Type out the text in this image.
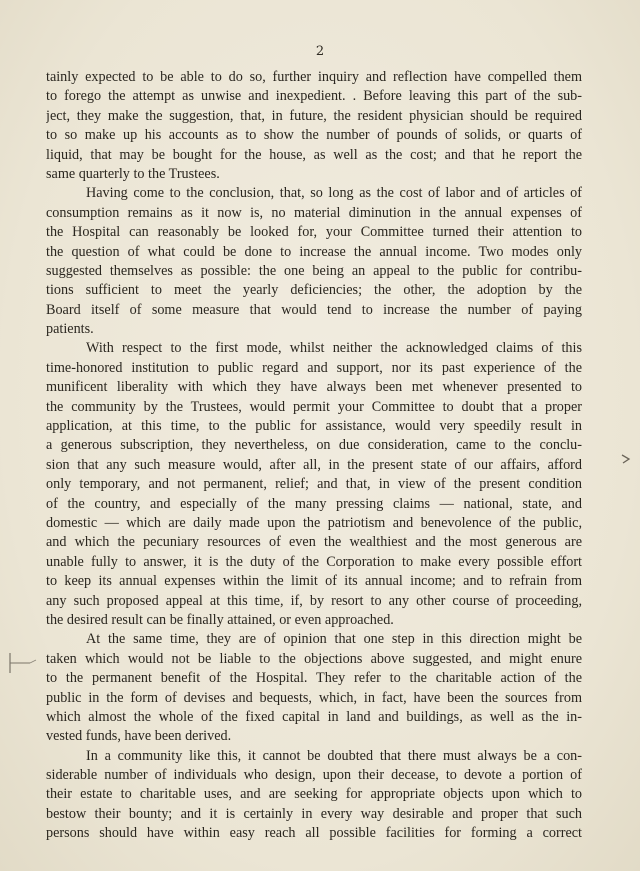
2
tainly expected to be able to do so, further inquiry and reflection have compelled them
to forego the attempt as unwise and inexpedient. . Before leaving this part of the sub-
ject, they make the suggestion, that, in future, the resident physician should be required
to so make up his accounts as to show the number of pounds of solids, or quarts of
liquid, that may be bought for the house, as well as the cost; and that he report the
same quarterly to the Trustees.
Having come to the conclusion, that, so long as the cost of labor and of articles of
consumption remains as it now is, no material diminution in the annual expenses of
the Hospital can reasonably be looked for, your Committee turned their attention to
the question of what could be done to increase the annual income. Two modes only
suggested themselves as possible: the one being an appeal to the public for contribu-
tions sufficient to meet the yearly deficiencies; the other, the adoption by the
Board itself of some measure that would tend to increase the number of paying
patients.
With respect to the first mode, whilst neither the acknowledged claims of this
time-honored institution to public regard and support, nor its past experience of the
munificent liberality with which they have always been met whenever presented to
the community by the Trustees, would permit your Committee to doubt that a proper
application, at this time, to the public for assistance, would very speedily result in
a generous subscription, they nevertheless, on due consideration, came to the conclu-
sion that any such measure would, after all, in the present state of our affairs, afford
only temporary, and not permanent, relief; and that, in view of the present condition
of the country, and especially of the many pressing claims — national, state, and
domestic — which are daily made upon the patriotism and benevolence of the public,
and which the pecuniary resources of even the wealthiest and the most generous are
unable fully to answer, it is the duty of the Corporation to make every possible effort
to keep its annual expenses within the limit of its annual income; and to refrain from
any such proposed appeal at this time, if, by resort to any other course of proceeding,
the desired result can be finally attained, or even approached.
At the same time, they are of opinion that one step in this direction might be
taken which would not be liable to the objections above suggested, and might enure
to the permanent benefit of the Hospital. They refer to the charitable action of the
public in the form of devises and bequests, which, in fact, have been the sources from
which almost the whole of the fixed capital in land and buildings, as well as the in-
vested funds, have been derived.
In a community like this, it cannot be doubted that there must always be a con-
siderable number of individuals who design, upon their decease, to devote a portion of
their estate to charitable uses, and are seeking for appropriate objects upon which to
bestow their bounty; and it is certainly in every way desirable and proper that such
persons should have within easy reach all possible facilities for forming a correct
